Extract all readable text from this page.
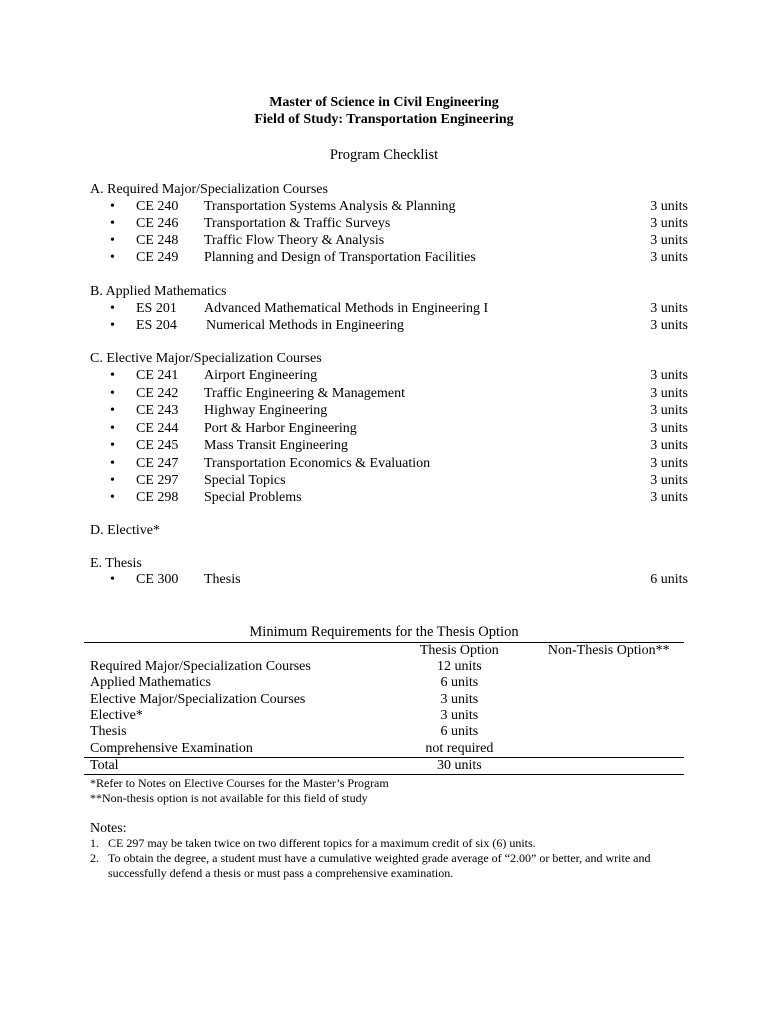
Master of Science in Civil Engineering
Field of Study: Transportation Engineering
Program Checklist
A. Required Major/Specialization Courses
• CE 240 Transportation Systems Analysis & Planning	3 units
• CE 246 Transportation & Traffic Surveys	3 units
• CE 248 Traffic Flow Theory & Analysis	3 units
• CE 249 Planning and Design of Transportation Facilities	3 units
B. Applied Mathematics
• ES 201 Advanced Mathematical Methods in Engineering I	3 units
• ES 204 Numerical Methods in Engineering	3 units
C. Elective Major/Specialization Courses
• CE 241 Airport Engineering	3 units
• CE 242 Traffic Engineering & Management	3 units
• CE 243 Highway Engineering	3 units
• CE 244 Port & Harbor Engineering	3 units
• CE 245 Mass Transit Engineering	3 units
• CE 247 Transportation Economics & Evaluation	3 units
• CE 297 Special Topics	3 units
• CE 298 Special Problems	3 units
D. Elective*
E. Thesis
• CE 300 Thesis	6 units
Minimum Requirements for the Thesis Option
	Thesis Option	Non-Thesis Option**
Required Major/Specialization Courses	12 units	
Applied Mathematics	6 units	
Elective Major/Specialization Courses	3 units	
Elective*	3 units	
Thesis	6 units	
Comprehensive Examination	not required	
Total	30 units	
*Refer to Notes on Elective Courses for the Master’s Program
**Non-thesis option is not available for this field of study
Notes:
1. CE 297 may be taken twice on two different topics for a maximum credit of six (6) units.
2. To obtain the degree, a student must have a cumulative weighted grade average of “2.00” or better, and write and successfully defend a thesis or must pass a comprehensive examination.
